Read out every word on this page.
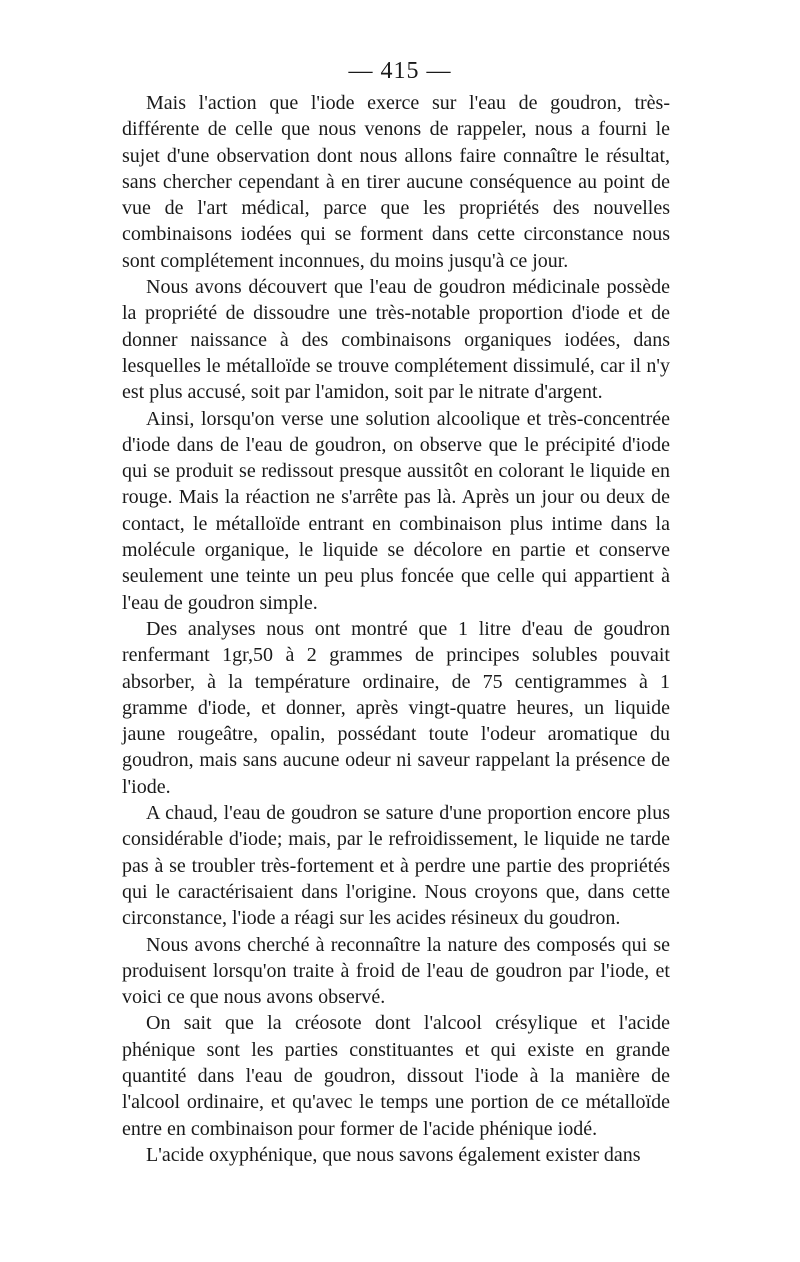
— 415 —

Mais l'action que l'iode exerce sur l'eau de goudron, très-différente de celle que nous venons de rappeler, nous a fourni le sujet d'une observation dont nous allons faire connaître le résultat, sans chercher cependant à en tirer aucune conséquence au point de vue de l'art médical, parce que les propriétés des nouvelles combinaisons iodées qui se forment dans cette circonstance nous sont complétement inconnues, du moins jusqu'à ce jour.

Nous avons découvert que l'eau de goudron médicinale possède la propriété de dissoudre une très-notable proportion d'iode et de donner naissance à des combinaisons organiques iodées, dans lesquelles le métalloïde se trouve complétement dissimulé, car il n'y est plus accusé, soit par l'amidon, soit par le nitrate d'argent.

Ainsi, lorsqu'on verse une solution alcoolique et très-concentrée d'iode dans de l'eau de goudron, on observe que le précipité d'iode qui se produit se redissout presque aussitôt en colorant le liquide en rouge. Mais la réaction ne s'arrête pas là. Après un jour ou deux de contact, le métalloïde entrant en combinaison plus intime dans la molécule organique, le liquide se décolore en partie et conserve seulement une teinte un peu plus foncée que celle qui appartient à l'eau de goudron simple.

Des analyses nous ont montré que 1 litre d'eau de goudron renfermant 1gr,50 à 2 grammes de principes solubles pouvait absorber, à la température ordinaire, de 75 centigrammes à 1 gramme d'iode, et donner, après vingt-quatre heures, un liquide jaune rougeâtre, opalin, possédant toute l'odeur aromatique du goudron, mais sans aucune odeur ni saveur rappelant la présence de l'iode.

A chaud, l'eau de goudron se sature d'une proportion encore plus considérable d'iode; mais, par le refroidissement, le liquide ne tarde pas à se troubler très-fortement et à perdre une partie des propriétés qui le caractérisaient dans l'origine. Nous croyons que, dans cette circonstance, l'iode a réagi sur les acides résineux du goudron.

Nous avons cherché à reconnaître la nature des composés qui se produisent lorsqu'on traite à froid de l'eau de goudron par l'iode, et voici ce que nous avons observé.

On sait que la créosote dont l'alcool crésylique et l'acide phénique sont les parties constituantes et qui existe en grande quantité dans l'eau de goudron, dissout l'iode à la manière de l'alcool ordinaire, et qu'avec le temps une portion de ce métalloïde entre en combinaison pour former de l'acide phénique iodé.

L'acide oxyphénique, que nous savons également exister dans
